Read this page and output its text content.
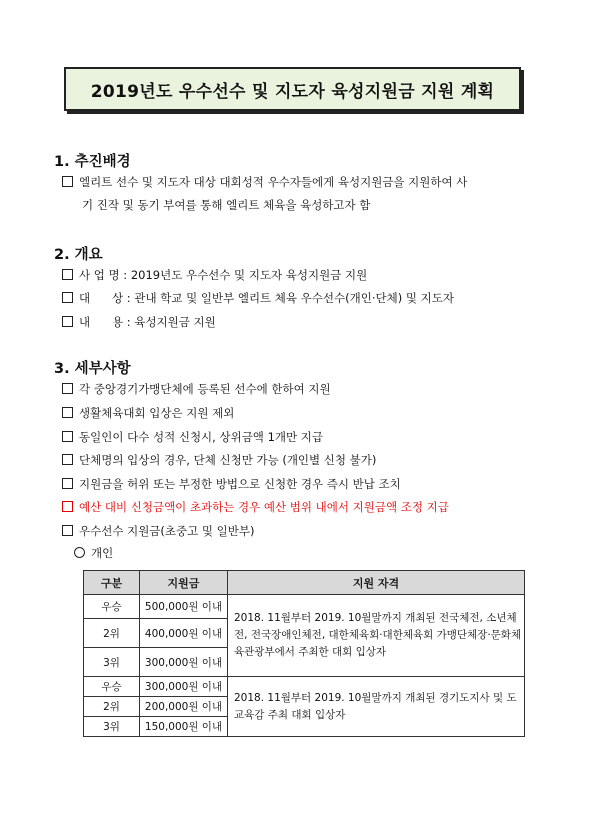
2019년도 우수선수 및 지도자 육성지원금 지원 계획
1. 추진배경
엘리트 선수 및 지도자 대상 대회성적 우수자들에게 육성지원금을 지원하여 사
기 진작 및 동기 부여를 통해 엘리트 체육을 육성하고자 함
2. 개요
사 업 명 : 2019년도 우수선수 및 지도자 육성지원금 지원
대      상 : 관내 학교 및 일반부 엘리트 체육 우수선수(개인·단체) 및 지도자
내      용 : 육성지원금 지원
3. 세부사항
각 중앙경기가맹단체에 등록된 선수에 한하여 지원
생활체육대회 입상은 지원 제외
동일인이 다수 성적 신청시, 상위금액 1개만 지급
단체명의 입상의 경우, 단체 신청만 가능 (개인별 신청 불가)
지원금을 허위 또는 부정한 방법으로 신청한 경우 즉시 반납 조치
예산 대비 신청금액이 초과하는 경우 예산 범위 내에서 지원금액 조정 지급
우수선수 지원금(초중고 및 일반부)
개인
구분	지원금	지원 자격
우승	500,000원 이내	2018. 11월부터 2019. 10월말까지 개최된 전국체전, 소년체전, 전국장애인체전, 대한체육회·대한체육회 가맹단체장·문화체육관광부에서 주최한 대회 입상자
2위	400,000원 이내	
3위	300,000원 이내	
우승	300,000원 이내	2018. 11월부터 2019. 10월말까지 개최된 경기도지사 및 도교육감 주최 대회 입상자
2위	200,000원 이내	
3위	150,000원 이내	
